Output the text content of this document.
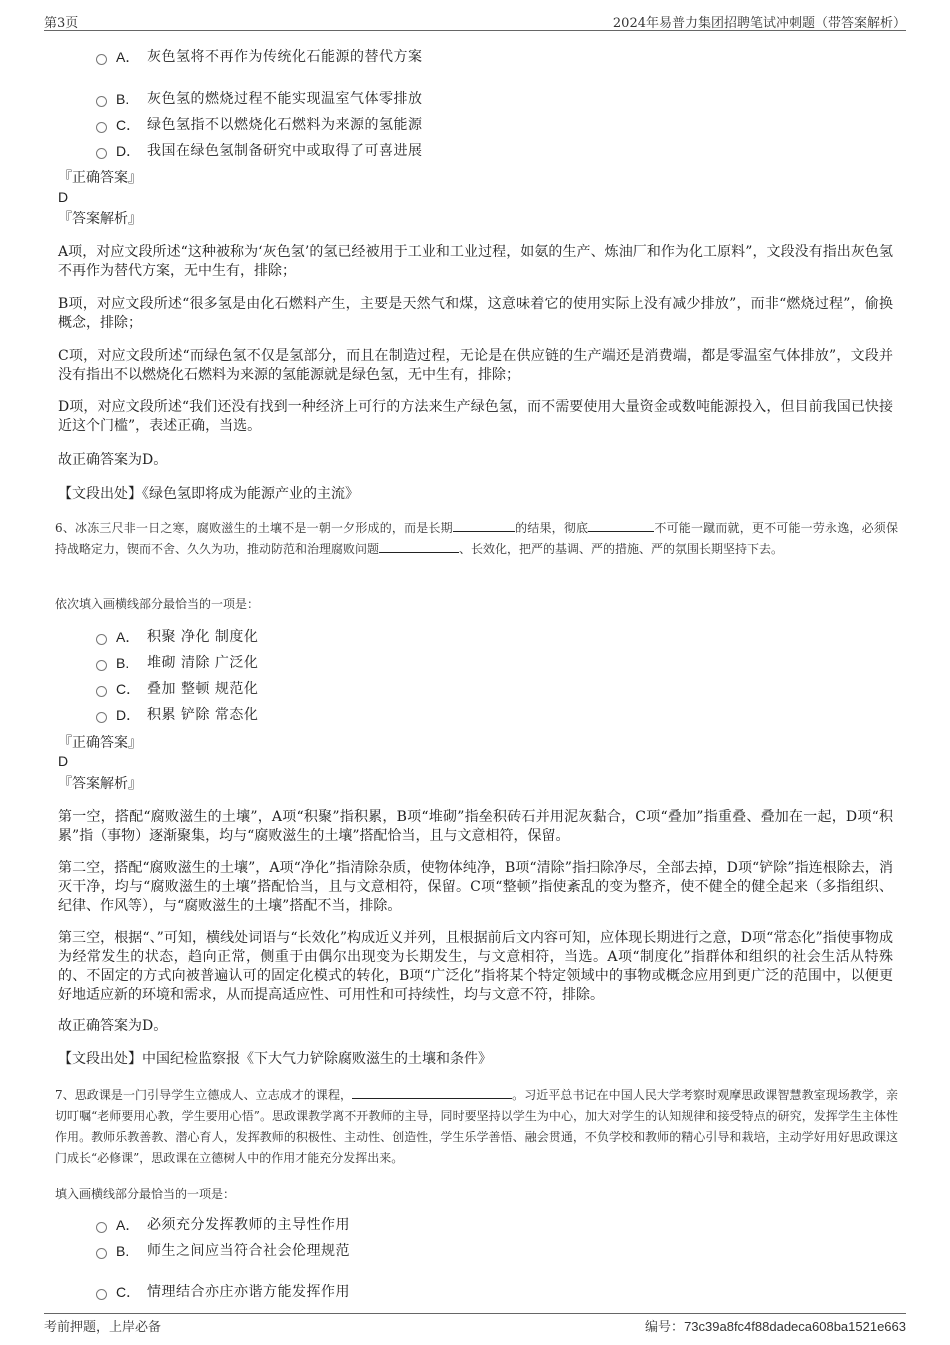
第3页	2024年易普力集团招聘笔试冲刺题（带答案解析）
A． 灰色氢将不再作为传统化石能源的替代方案
B.	灰色氢的燃烧过程不能实现温室气体零排放
C． 绿色氢指不以燃烧化石燃料为来源的氢能源
D． 我国在绿色氢制备研究中或取得了可喜进展
『正确答案』
D
『答案解析』
A项，对应文段所述“这种被称为‘灰色氢’的氢已经被用于工业和工业过程，如氨的生产、炼油厂和作为化工原料”，文段没有指出灰色氢不再作为替代方案，无中生有，排除；
B项，对应文段所述“很多氢是由化石燃料产生，主要是天然气和煤，这意味着它的使用实际上没有减少排放”，而非“燃烧过程”，偷换概念，排除；
C项，对应文段所述“而绿色氢不仅是氢部分，而且在制造过程，无论是在供应链的生产端还是消费端，都是零温室气体排放”，文段并没有指出不以燃烧化石燃料为来源的氢能源就是绿色氢，无中生有，排除；
D项，对应文段所述“我们还没有找到一种经济上可行的方法来生产绿色氢，而不需要使用大量资金或数吨能源投入，但目前我国已快接近这个门槛”，表述正确，当选。
故正确答案为D。
【文段出处】《绿色氢即将成为能源产业的主流》
6、冰冻三尺非一日之寒，腐败滋生的土壤不是一朝一夕形成的，而是长期	的结果，彻底	不可能一蹴而就，更不可能一劳永逸，必须保持战略定力，锲而不舍、久久为功，推动防范和治理腐败问题	、长效化，把严的基调、严的措施、严的氛围长期坚持下去。
依次填入画横线部分最恰当的一项是：
A． 积聚 净化 制度化
B.	堆砌 清除 广泛化
C． 叠加 整顿 规范化
D． 积累 铲除 常态化
『正确答案』
D
『答案解析』
第一空，搭配“腐败滋生的土壤”，A项“积聚”指积累，B项“堆砌”指垒积砖石并用泥灰黏合，C项“叠加”指重叠、叠加在一起，D项“积累”指（事物）逐渐聚集，均与“腐败滋生的土壤”搭配恰当，且与文意相符，保留。
第二空，搭配“腐败滋生的土壤”，A项“净化”指清除杂质，使物体纯净，B项“清除”指扫除净尽，全部去掉，D项“铲除”指连根除去，消灭干净，均与“腐败滋生的土壤”搭配恰当，且与文意相符，保留。C项“整顿”指使紊乱的变为整齐，使不健全的健全起来（多指组织、纪律、作风等），与“腐败滋生的土壤”搭配不当，排除。
第三空，根据“、”可知，横线处词语与“长效化”构成近义并列，且根据前后文内容可知，应体现长期进行之意，D项“常态化”指使事物成为经常发生的状态，趋向正常，侧重于由偶尔出现变为长期发生，与文意相符，当选。A项“制度化”指群体和组织的社会生活从特殊的、不固定的方式向被普遍认可的固定化模式的转化，B项“广泛化”指将某个特定领域中的事物或概念应用到更广泛的范围中，以便更好地适应新的环境和需求，从而提高适应性、可用性和可持续性，均与文意不符，排除。
故正确答案为D。
【文段出处】中国纪检监察报《下大气力铲除腐败滋生的土壤和条件》
7、思政课是一门引导学生立德成人、立志成才的课程，	。习近平总书记在中国人民大学考察时观摩思政课智慧教室现场教学，亲切叮嘱“老师要用心教，学生要用心悟”。思政课教学离不开教师的主导，同时要坚持以学生为中心，加大对学生的认知规律和接受特点的研究，发挥学生主体性作用。教师乐教善教、潜心育人，发挥教师的积极性、主动性、创造性，学生乐学善悟、融会贯通，不负学校和教师的精心引导和栽培，主动学好用好思政课这门成长“必修课”，思政课在立德树人中的作用才能充分发挥出来。
填入画横线部分最恰当的一项是：
A． 必须充分发挥教师的主导性作用
B.	师生之间应当符合社会伦理规范
C． 情理结合亦庄亦谐方能发挥作用
考前押题，上岸必备	编号：73c39a8fc4f88dadeca608ba1521e663
